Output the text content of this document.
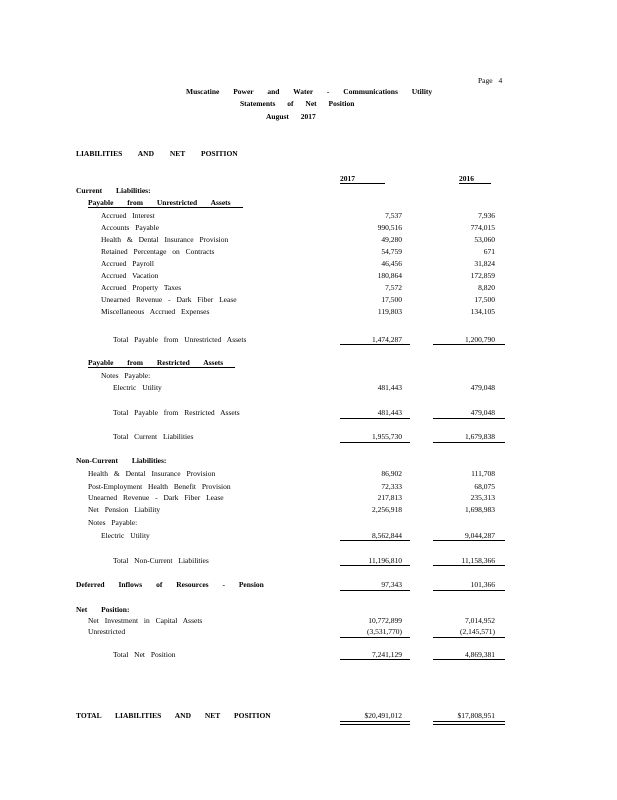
Page 4
Muscatine Power and Water - Communications Utility
Statements of Net Position
August 2017
LIABILITIES AND NET POSITION
2017	2016
Current Liabilities:
Payable from Unrestricted Assets
Accrued Interest	7,537	7,936
Accounts Payable	990,516	774,015
Health & Dental Insurance Provision	49,280	53,060
Retained Percentage on Contracts	54,759	671
Accrued Payroll	46,456	31,824
Accrued Vacation	180,864	172,859
Accrued Property Taxes	7,572	8,820
Unearned Revenue - Dark Fiber Lease	17,500	17,500
Miscellaneous Accrued Expenses	119,803	134,105
Total Payable from Unrestricted Assets	1,474,287	1,200,790
Payable from Restricted Assets
Notes Payable:
Electric Utility	481,443	479,048
Total Payable from Restricted Assets	481,443	479,048
Total Current Liabilities	1,955,730	1,679,838
Non-Current Liabilities:
Health & Dental Insurance Provision	86,902	111,708
Post-Employment Health Benefit Provision	72,333	68,075
Unearned Revenue - Dark Fiber Lease	217,813	235,313
Net Pension Liability	2,256,918	1,698,983
Notes Payable:
Electric Utility	8,562,844	9,044,287
Total Non-Current Liabilities	11,196,810	11,158,366
Deferred Inflows of Resources - Pension	97,343	101,366
Net Position:
Net Investment in Capital Assets	10,772,899	7,014,952
Unrestricted	(3,531,770)	(2,145,571)
Total Net Position	7,241,129	4,869,381
TOTAL LIABILITIES AND NET POSITION	$20,491,012	$17,808,951
